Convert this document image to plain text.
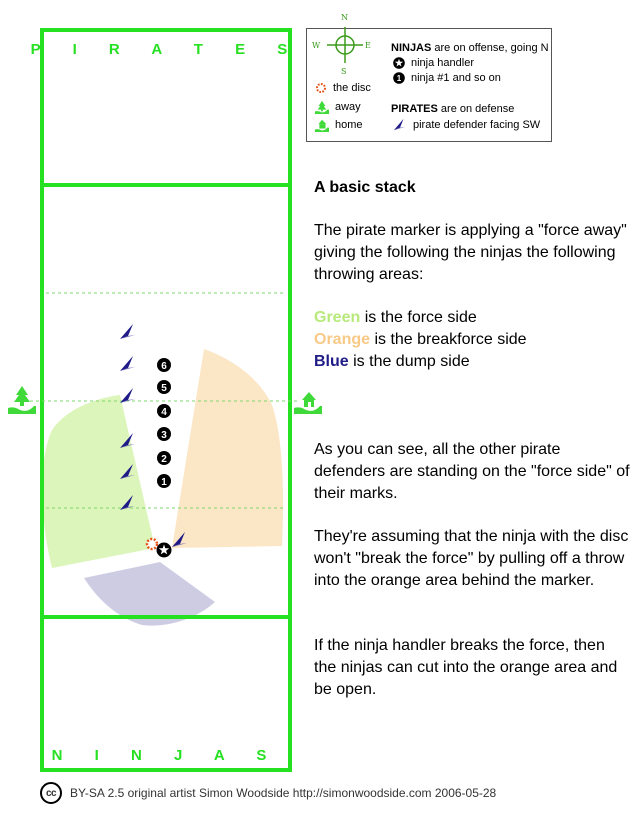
P I R A T E S
N I N J A S
6
5
4
3
2
1
N
S
E
W
the disc
away
home
NINJAS are on offense, going N
ninja handler
1 ninja #1 and so on
PIRATES are on defense
pirate defender facing SW
A basic stack

The pirate marker is applying a "force away" giving the following the ninjas the following throwing areas:

Green is the force side

Orange is the breakforce side

Blue is the dump side

As you can see, all the other pirate defenders are standing on the "force side" of their marks.

They're assuming that the ninja with the disc won't "break the force" by pulling off a throw into the orange area behind the marker.

If the ninja handler breaks the force, then the ninjas can cut into the orange area and be open.

cc	BY-SA 2.5 original artist Simon Woodside http://simonwoodside.com 2006-05-28
